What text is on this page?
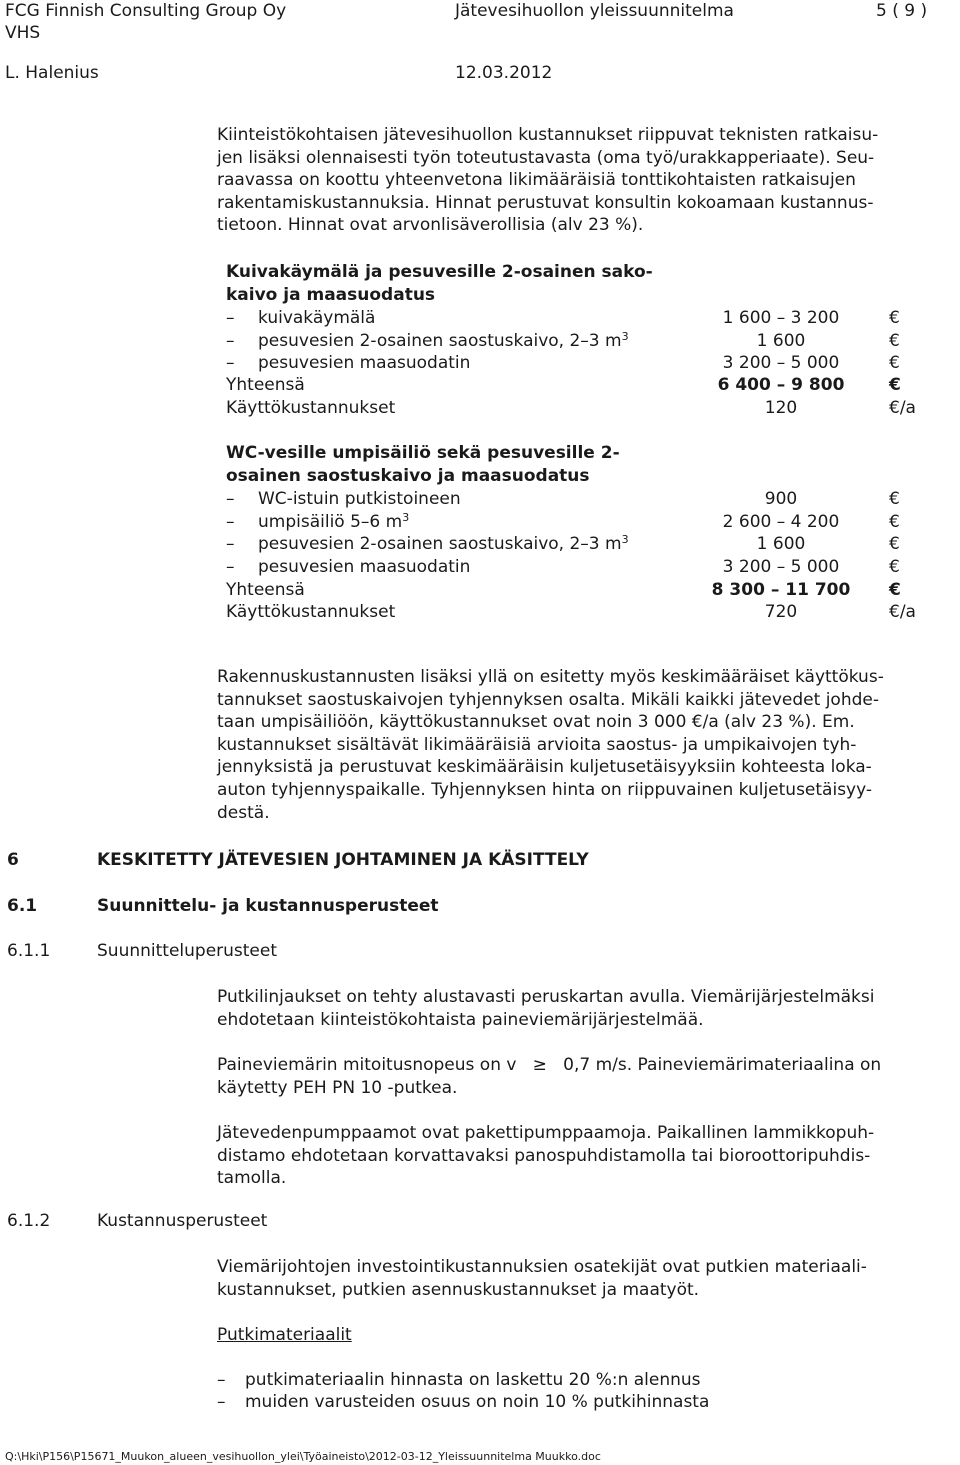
FCG Finnish Consulting Group Oy	Jätevesihuollon yleissuunnitelma	5 ( 9 )
VHS
L. Halenius	12.03.2012
Kiinteistökohtaisen jätevesihuollon kustannukset riippuvat teknisten ratkaisu-
jen lisäksi olennaisesti työn toteutustavasta (oma työ/urakkapperiaate). Seu-
raavassa on koottu yhteenvetona likimääräisiä tonttikohtaisten ratkaisujen
rakentamiskustannuksia. Hinnat perustuvat konsultin kokoamaan kustannus-
tietoon. Hinnat ovat arvonlisäverollisia (alv 23 %).
Kuivakäymälä ja pesuvesille 2-osainen sako-
kaivo ja maasuodatus
– kuivakäymälä	1 600 – 3 200	€
– pesuvesien 2-osainen saostuskaivo, 2–3 $m^3$	1 600	€
– pesuvesien maasuodatin	3 200 – 5 000	€
Yhteensä	6 400 – 9 800	€
Käyttökustannukset	120	€/a
WC-vesille umpisäiliö sekä pesuvesille 2-
osainen saostuskaivo ja maasuodatus
– WC-istuin putkistoineen	900	€
– umpisäiliö 5–6 $m^3$	2 600 – 4 200	€
– pesuvesien 2-osainen saostuskaivo, 2–3 $m^3$	1 600	€
– pesuvesien maasuodatin	3 200 – 5 000	€
Yhteensä	8 300 – 11 700	€
Käyttökustannukset	720	€/a
Rakennuskustannusten lisäksi yllä on esitetty myös keskimääräiset käyttökus-
tannukset saostuskaivojen tyhjennyksen osalta. Mikäli kaikki jätevedet johde-
taan umpisäiliöön, käyttökustannukset ovat noin 3 000 €/a (alv 23 %). Em.
kustannukset sisältävät likimääräisiä arvioita saostus- ja umpikaivojen tyh-
jennyksistä ja perustuvat keskimääräisin kuljetusetäisyyksiin kohteesta loka-
auton tyhjennyspaikalle. Tyhjennyksen hinta on riippuvainen kuljetusetäisyy-
destä.
6	KESKITETTY JÄTEVESIEN JOHTAMINEN JA KÄSITTELY
6.1	Suunnittelu- ja kustannusperusteet
6.1.1	Suunnitteluperusteet
Putkilinjaukset on tehty alustavasti peruskartan avulla. Viemärijärjestelmäksi
ehdotetaan kiinteistökohtaista paineviemärijärjestelmää.
Paineviemärin mitoitusnopeus on v ≥ 0,7 m/s. Paineviemärimateriaalina on
käytetty PEH PN 10 -putkea.
Jätevedenpumppaamot ovat pakettipumppaamoja. Paikallinen lammikkopuh-
distamo ehdotetaan korvattavaksi panospuhdistamolla tai bioroottoripuhdis-
tamolla.
6.1.2	Kustannusperusteet
Viemärijohtojen investointikustannuksien osatekijät ovat putkien materiaali-
kustannukset, putkien asennuskustannukset ja maatyöt.
Putkimateriaalit
– putkimateriaalin hinnasta on laskettu 20 %:n alennus
– muiden varusteiden osuus on noin 10 % putkihinnasta
Q:\Hki\P156\P15671_Muukon_alueen_vesihuollon_ylei\Työaineisto\2012-03-12_Yleissuunnitelma Muukko.doc
